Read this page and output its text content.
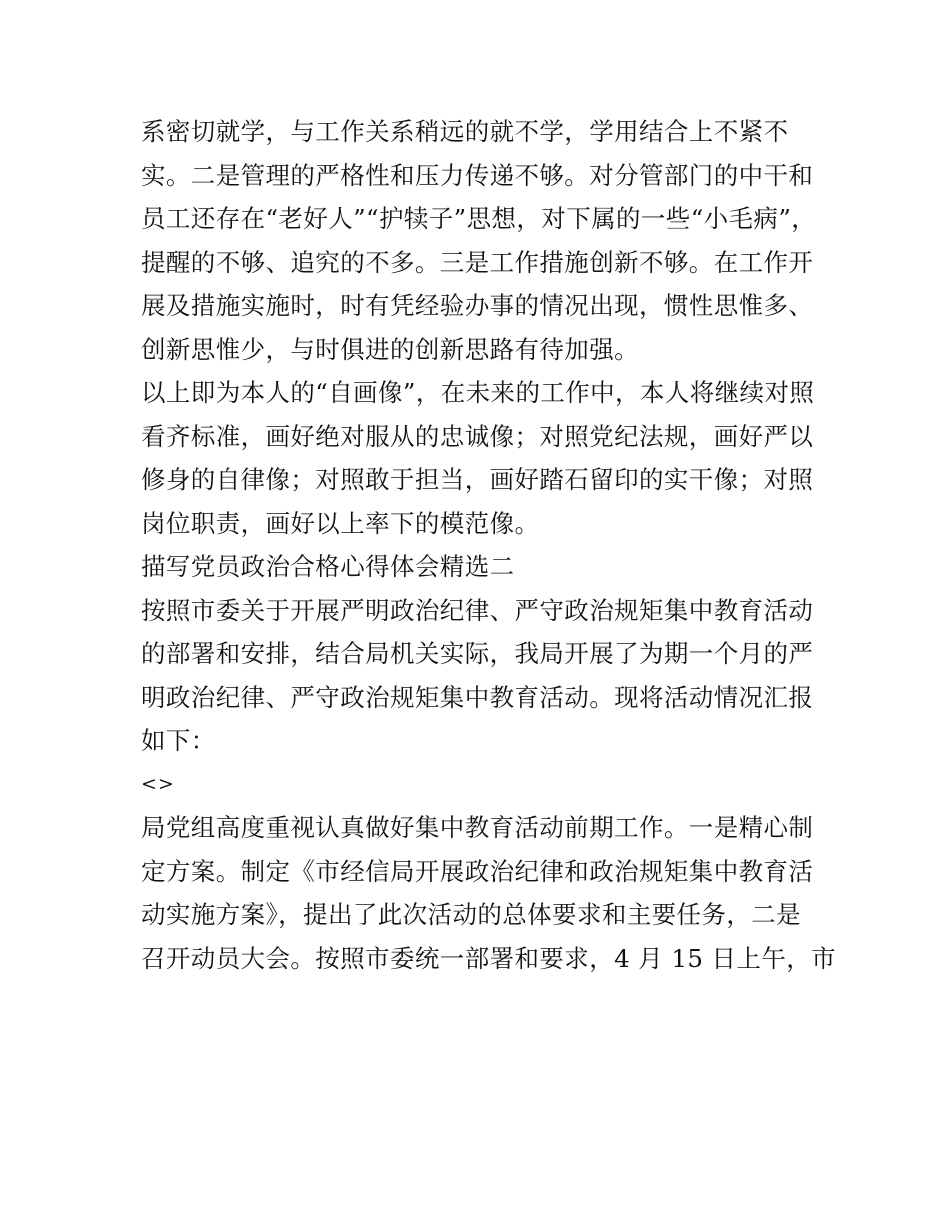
系密切就学，与工作关系稍远的就不学，学用结合上不紧不
实。二是管理的严格性和压力传递不够。对分管部门的中干和
员工还存在“老好人”“护犊子”思想，对下属的一些“小毛病”，
提醒的不够、追究的不多。三是工作措施创新不够。在工作开
展及措施实施时，时有凭经验办事的情况出现，惯性思惟多、
创新思惟少，与时俱进的创新思路有待加强。
以上即为本人的“自画像”，在未来的工作中，本人将继续对照
看齐标准，画好绝对服从的忠诚像；对照党纪法规，画好严以
修身的自律像；对照敢于担当，画好踏石留印的实干像；对照
岗位职责，画好以上率下的模范像。
描写党员政治合格心得体会精选二
按照市委关于开展严明政治纪律、严守政治规矩集中教育活动
的部署和安排，结合局机关实际，我局开展了为期一个月的严
明政治纪律、严守政治规矩集中教育活动。现将活动情况汇报
如下：
<>
局党组高度重视认真做好集中教育活动前期工作。一是精心制
定方案。制定《市经信局开展政治纪律和政治规矩集中教育活
动实施方案》，提出了此次活动的总体要求和主要任务，二是
召开动员大会。按照市委统一部署和要求，4 月 15 日上午，市
